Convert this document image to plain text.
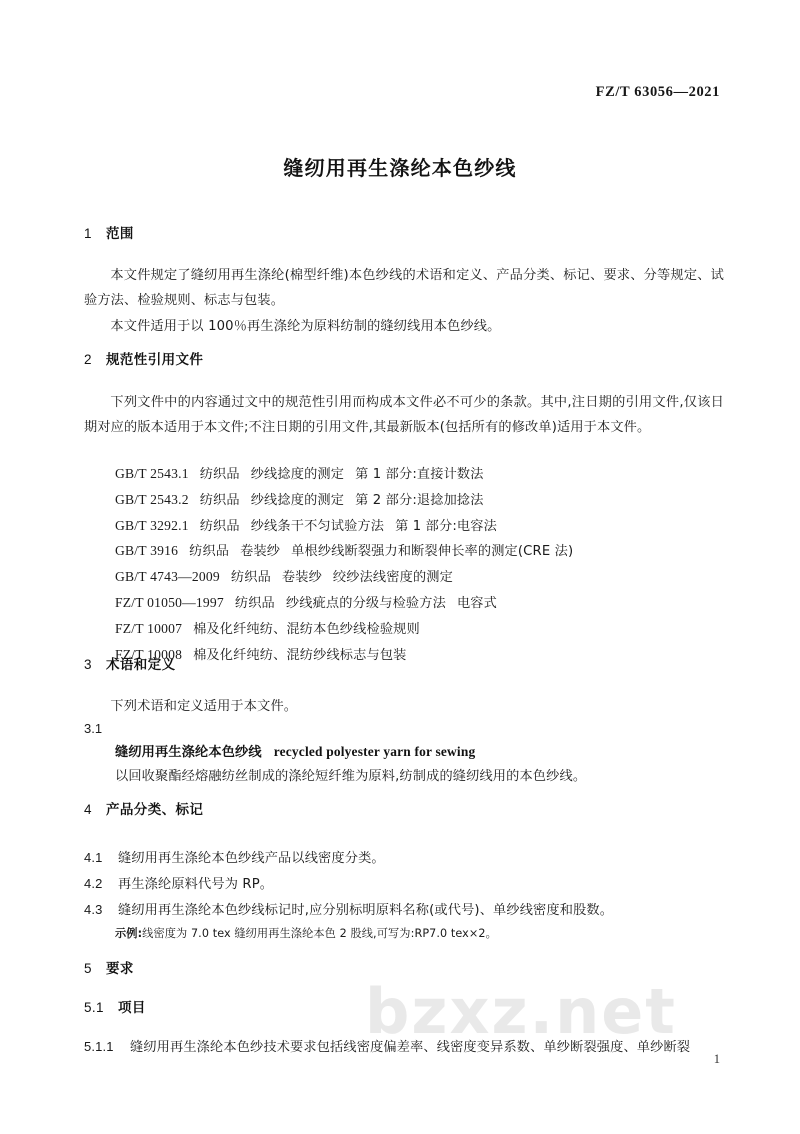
bzxz.net
FZ/T 63056—2021
缝纫用再生涤纶本色纱线
1 范围

本文件规定了缝纫用再生涤纶(棉型纤维)本色纱线的术语和定义、产品分类、标记、要求、分等规定、试验方法、检验规则、标志与包装。

本文件适用于以 100％再生涤纶为原料纺制的缝纫线用本色纱线。

2 规范性引用文件

下列文件中的内容通过文中的规范性引用而构成本文件必不可少的条款。其中,注日期的引用文件,仅该日期对应的版本适用于本文件;不注日期的引用文件,其最新版本(包括所有的修改单)适用于本文件。

GB/T 2543.1 纺织品 纱线捻度的测定 第 1 部分:直接计数法
GB/T 2543.2 纺织品 纱线捻度的测定 第 2 部分:退捻加捻法
GB/T 3292.1 纺织品 纱线条干不匀试验方法 第 1 部分:电容法
GB/T 3916 纺织品 卷装纱 单根纱线断裂强力和断裂伸长率的测定(CRE 法)
GB/T 4743—2009 纺织品 卷装纱 绞纱法线密度的测定
FZ/T 01050—1997 纺织品 纱线疵点的分级与检验方法 电容式
FZ/T 10007 棉及化纤纯纺、混纺本色纱线检验规则
FZ/T 10008 棉及化纤纯纺、混纺纱线标志与包装
3 术语和定义

下列术语和定义适用于本文件。

3.1
缝纫用再生涤纶本色纱线 recycled polyester yarn for sewing
以回收聚酯经熔融纺丝制成的涤纶短纤维为原料,纺制成的缝纫线用的本色纱线。
4 产品分类、标记
4.1	缝纫用再生涤纶本色纱线产品以线密度分类。
4.2	再生涤纶原料代号为 RP。
4.3	缝纫用再生涤纶本色纱线标记时,应分别标明原料名称(或代号)、单纱线密度和股数。
示例:线密度为 7.0 tex 缝纫用再生涤纶本色 2 股线,可写为:RP7.0 tex×2。
5 要求
5.1 项目
5.1.1	缝纫用再生涤纶本色纱技术要求包括线密度偏差率、线密度变异系数、单纱断裂强度、单纱断裂
1
